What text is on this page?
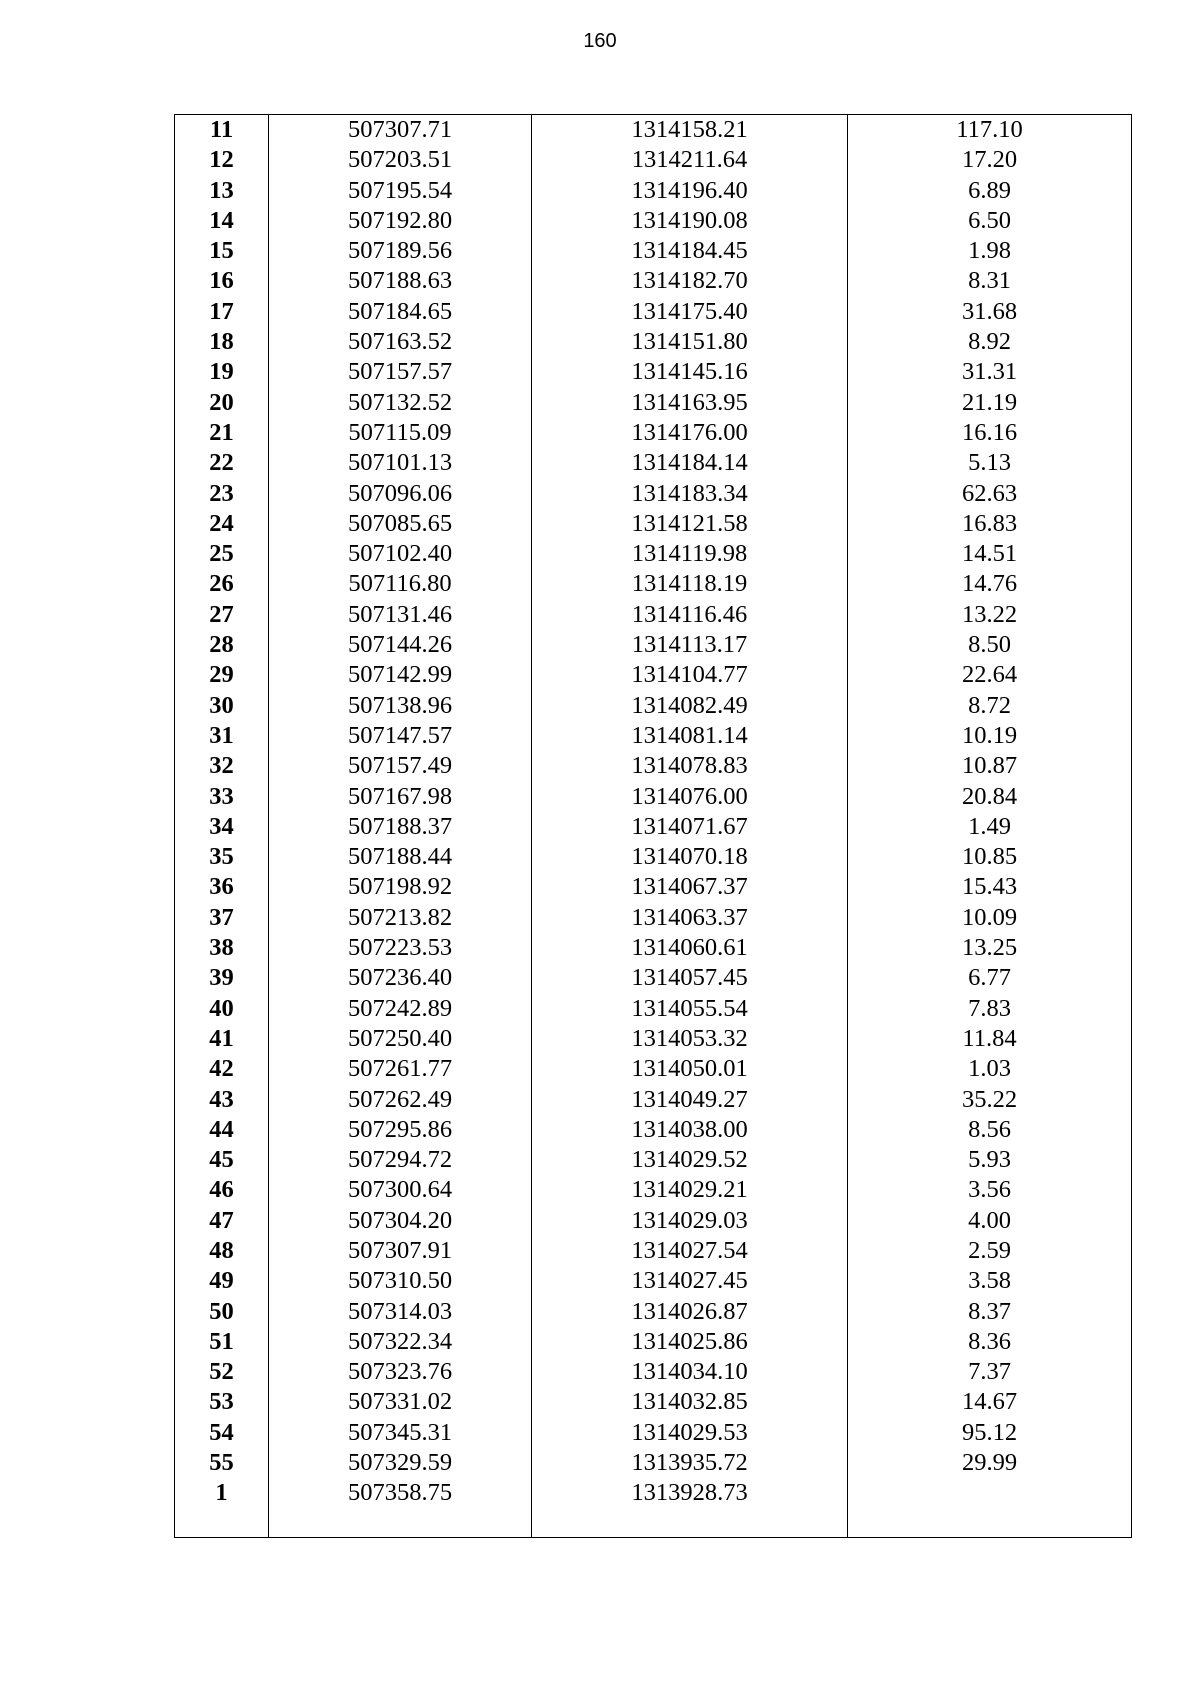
160
11	507307.71	1314158.21	117.10
12	507203.51	1314211.64	17.20
13	507195.54	1314196.40	6.89
14	507192.80	1314190.08	6.50
15	507189.56	1314184.45	1.98
16	507188.63	1314182.70	8.31
17	507184.65	1314175.40	31.68
18	507163.52	1314151.80	8.92
19	507157.57	1314145.16	31.31
20	507132.52	1314163.95	21.19
21	507115.09	1314176.00	16.16
22	507101.13	1314184.14	5.13
23	507096.06	1314183.34	62.63
24	507085.65	1314121.58	16.83
25	507102.40	1314119.98	14.51
26	507116.80	1314118.19	14.76
27	507131.46	1314116.46	13.22
28	507144.26	1314113.17	8.50
29	507142.99	1314104.77	22.64
30	507138.96	1314082.49	8.72
31	507147.57	1314081.14	10.19
32	507157.49	1314078.83	10.87
33	507167.98	1314076.00	20.84
34	507188.37	1314071.67	1.49
35	507188.44	1314070.18	10.85
36	507198.92	1314067.37	15.43
37	507213.82	1314063.37	10.09
38	507223.53	1314060.61	13.25
39	507236.40	1314057.45	6.77
40	507242.89	1314055.54	7.83
41	507250.40	1314053.32	11.84
42	507261.77	1314050.01	1.03
43	507262.49	1314049.27	35.22
44	507295.86	1314038.00	8.56
45	507294.72	1314029.52	5.93
46	507300.64	1314029.21	3.56
47	507304.20	1314029.03	4.00
48	507307.91	1314027.54	2.59
49	507310.50	1314027.45	3.58
50	507314.03	1314026.87	8.37
51	507322.34	1314025.86	8.36
52	507323.76	1314034.10	7.37
53	507331.02	1314032.85	14.67
54	507345.31	1314029.53	95.12
55	507329.59	1313935.72	29.99
1	507358.75	1313928.73	
